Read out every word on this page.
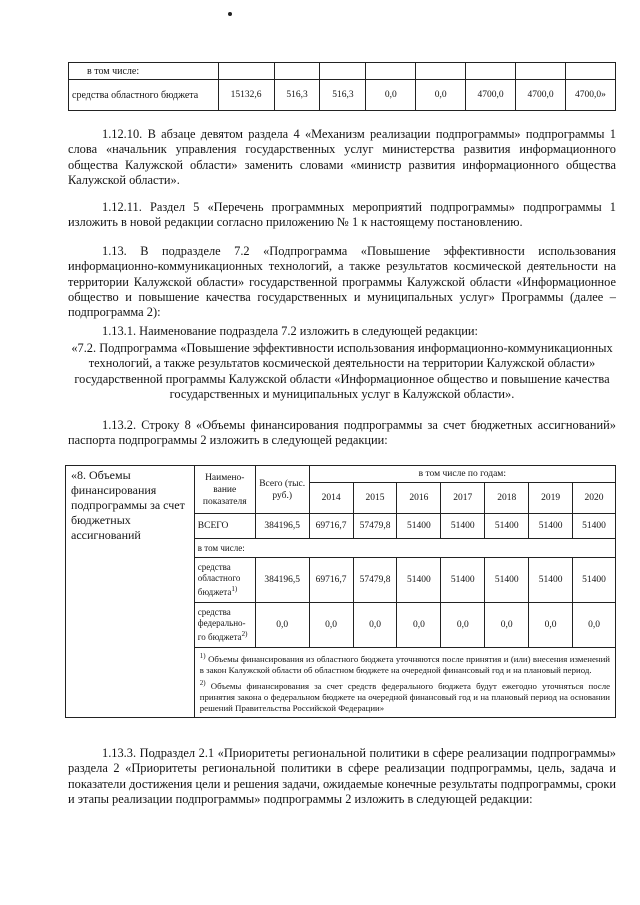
в том числе:								
средства областного бюджета	15132,6	516,3	516,3	0,0	0,0	4700,0	4700,0	4700,0»

1.12.10. В абзаце девятом раздела 4 «Механизм реализации подпрограммы» подпрограммы 1 слова «начальник управления государственных услуг министерства развития информационного общества Калужской области» заменить словами «министр развития информационного общества Калужской области».

1.12.11. Раздел 5 «Перечень программных мероприятий подпрограммы» подпрограммы 1 изложить в новой редакции согласно приложению № 1 к настоящему постановлению.

1.13. В подразделе 7.2 «Подпрограмма «Повышение эффективности использования информационно-коммуникационных технологий, а также результатов космической деятельности на территории Калужской области» государственной программы Калужской области «Информационное общество и повышение качества государственных и муниципальных услуг» Программы (далее – подпрограмма 2):

1.13.1. Наименование подраздела 7.2 изложить в следующей редакции:

«7.2. Подпрограмма «Повышение эффективности использования информационно-коммуникационных технологий, а также результатов космической деятельности на территории Калужской области» государственной программы Калужской области «Информационное общество и повышение качества государственных и муниципальных услуг в Калужской области».

1.13.2. Строку 8 «Объемы финансирования подпрограммы за счет бюджетных ассигнований» паспорта подпрограммы 2 изложить в следующей редакции:

«8. Объемы финансирования подпрограммы за счет бюджетных ассигнований	Наимено-вание показателя	Всего (тыс. руб.)	в том числе по годам:						
			2014	2015	2016	2017	2018	2019	2020
	ВСЕГО	384196,5	69716,7	57479,8	51400	51400	51400	51400	51400
	в том числе:								
	средства областного бюджета$^{1)}$	384196,5	69716,7	57479,8	51400	51400	51400	51400	51400
	средства федерально-го бюджета$^{2)}$	0,0	0,0	0,0	0,0	0,0	0,0	0,0	0,0

	$^{1)}$ Объемы финансирования из областного бюджета уточняются после принятия и (или) внесения изменений в закон Калужской области об областном бюджете на очередной финансовый год и на плановый период.
$^{2)}$ Объемы финансирования за счет средств федерального бюджета будут ежегодно уточняться после принятия закона о федеральном бюджете на очередной финансовый год и на плановый период на основании решений Правительства Российской Федерации»								

1.13.3. Подраздел 2.1 «Приоритеты региональной политики в сфере реализации подпрограммы» раздела 2 «Приоритеты региональной политики в сфере реализации подпрограммы, цель, задача и показатели достижения цели и решения задачи, ожидаемые конечные результаты подпрограммы, сроки и этапы реализации подпрограммы» подпрограммы 2 изложить в следующей редакции:
